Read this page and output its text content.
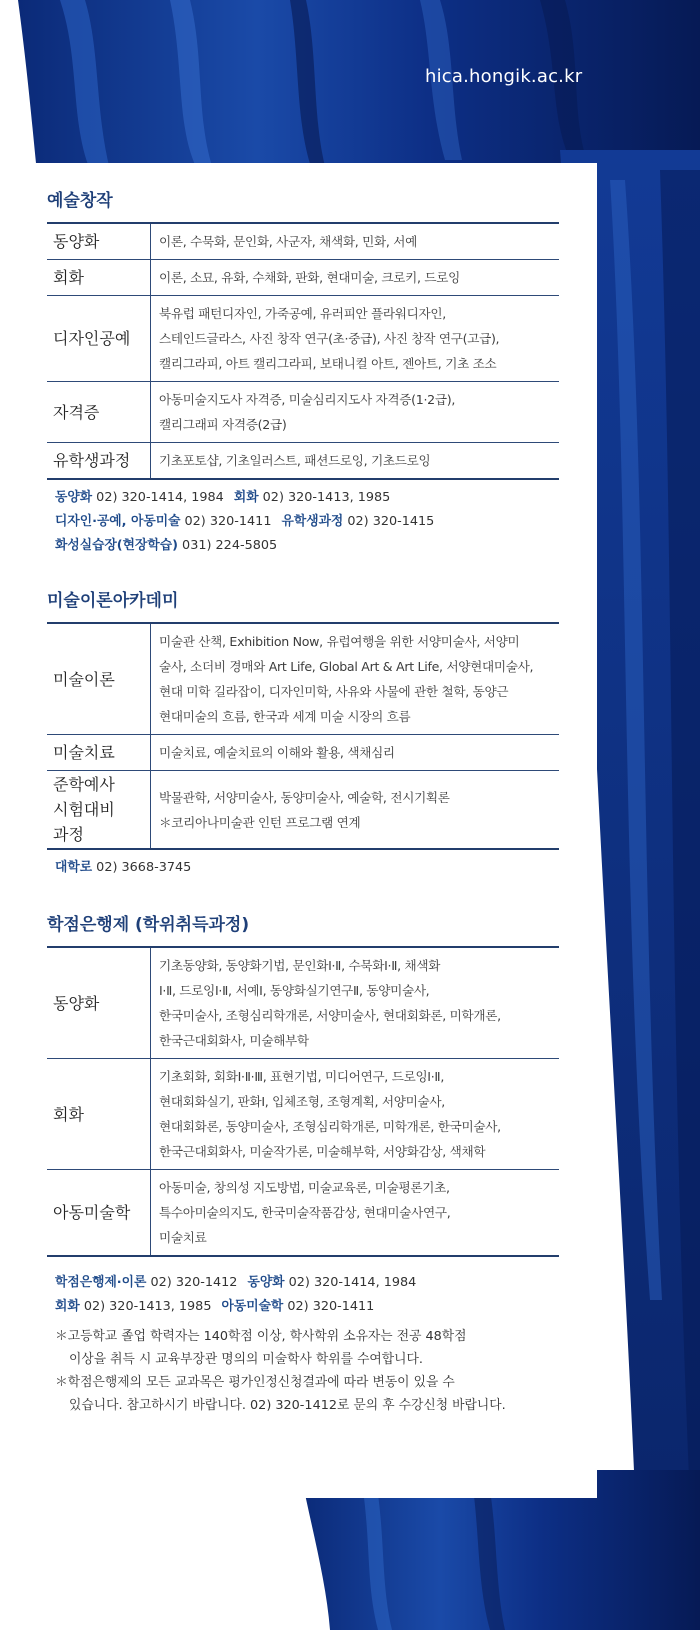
hica.hongik.ac.kr
예술창작
동양화	이론, 수묵화, 문인화, 사군자, 채색화, 민화, 서예

회화	이론, 소묘, 유화, 수채화, 판화, 현대미술, 크로키, 드로잉

디자인공예	북유럽 패턴디자인, 가죽공예, 유러피안 플라워디자인,
스테인드글라스, 사진 창작 연구(초·중급), 사진 창작 연구(고급),
캘리그라피, 아트 캘리그라피, 보태니컬 아트, 젠아트, 기초 조소

자격증	아동미술지도사 자격증, 미술심리지도사 자격증(1·2급),
캘리그래피 자격증(2급)

유학생과정	기초포토샵, 기초일러스트, 패션드로잉, 기초드로잉
동양화 02) 320-1414, 1984 회화 02) 320-1413, 1985
디자인·공예, 아동미술 02) 320-1411 유학생과정 02) 320-1415
화성실습장(현장학습) 031) 224-5805
미술이론아카데미
미술이론	미술관 산책, Exhibition Now, 유럽여행을 위한 서양미술사, 서양미
술사, 소더비 경매와 Art Life, Global Art & Art Life, 서양현대미술사,
현대 미학 길라잡이, 디자인미학, 사유와 사물에 관한 철학, 동양근
현대미술의 흐름, 한국과 세계 미술 시장의 흐름

미술치료	미술치료, 예술치료의 이해와 활용, 색채심리

준학예사
시험대비
과정	박물관학, 서양미술사, 동양미술사, 예술학, 전시기획론
＊코리아나미술관 인턴 프로그램 연계
대학로 02) 3668-3745
학점은행제 (학위취득과정)
동양화	기초동양화, 동양화기법, 문인화Ⅰ·Ⅱ, 수묵화Ⅰ·Ⅱ, 채색화
Ⅰ·Ⅱ, 드로잉Ⅰ·Ⅱ, 서예Ⅰ, 동양화실기연구Ⅱ, 동양미술사,
한국미술사, 조형심리학개론, 서양미술사, 현대회화론, 미학개론,
한국근대회화사, 미술해부학

회화	기초회화, 회화Ⅰ·Ⅱ·Ⅲ, 표현기법, 미디어연구, 드로잉Ⅰ·Ⅱ,
현대회화실기, 판화Ⅰ, 입체조형, 조형계획, 서양미술사,
현대회화론, 동양미술사, 조형심리학개론, 미학개론, 한국미술사,
한국근대회화사, 미술작가론, 미술해부학, 서양화감상, 색채학

아동미술학	아동미술, 창의성 지도방법, 미술교육론, 미술평론기초,
특수아미술의지도, 한국미술작품감상, 현대미술사연구,
미술치료
학점은행제·이론 02) 320-1412 동양화 02) 320-1414, 1984
회화 02) 320-1413, 1985 아동미술학 02) 320-1411
＊고등학교 졸업 학력자는 140학점 이상, 학사학위 소유자는 전공 48학점
이상을 취득 시 교육부장관 명의의 미술학사 학위를 수여합니다.
＊학점은행제의 모든 교과목은 평가인정신청결과에 따라 변동이 있을 수
있습니다. 참고하시기 바랍니다. 02) 320-1412로 문의 후 수강신청 바랍니다.
